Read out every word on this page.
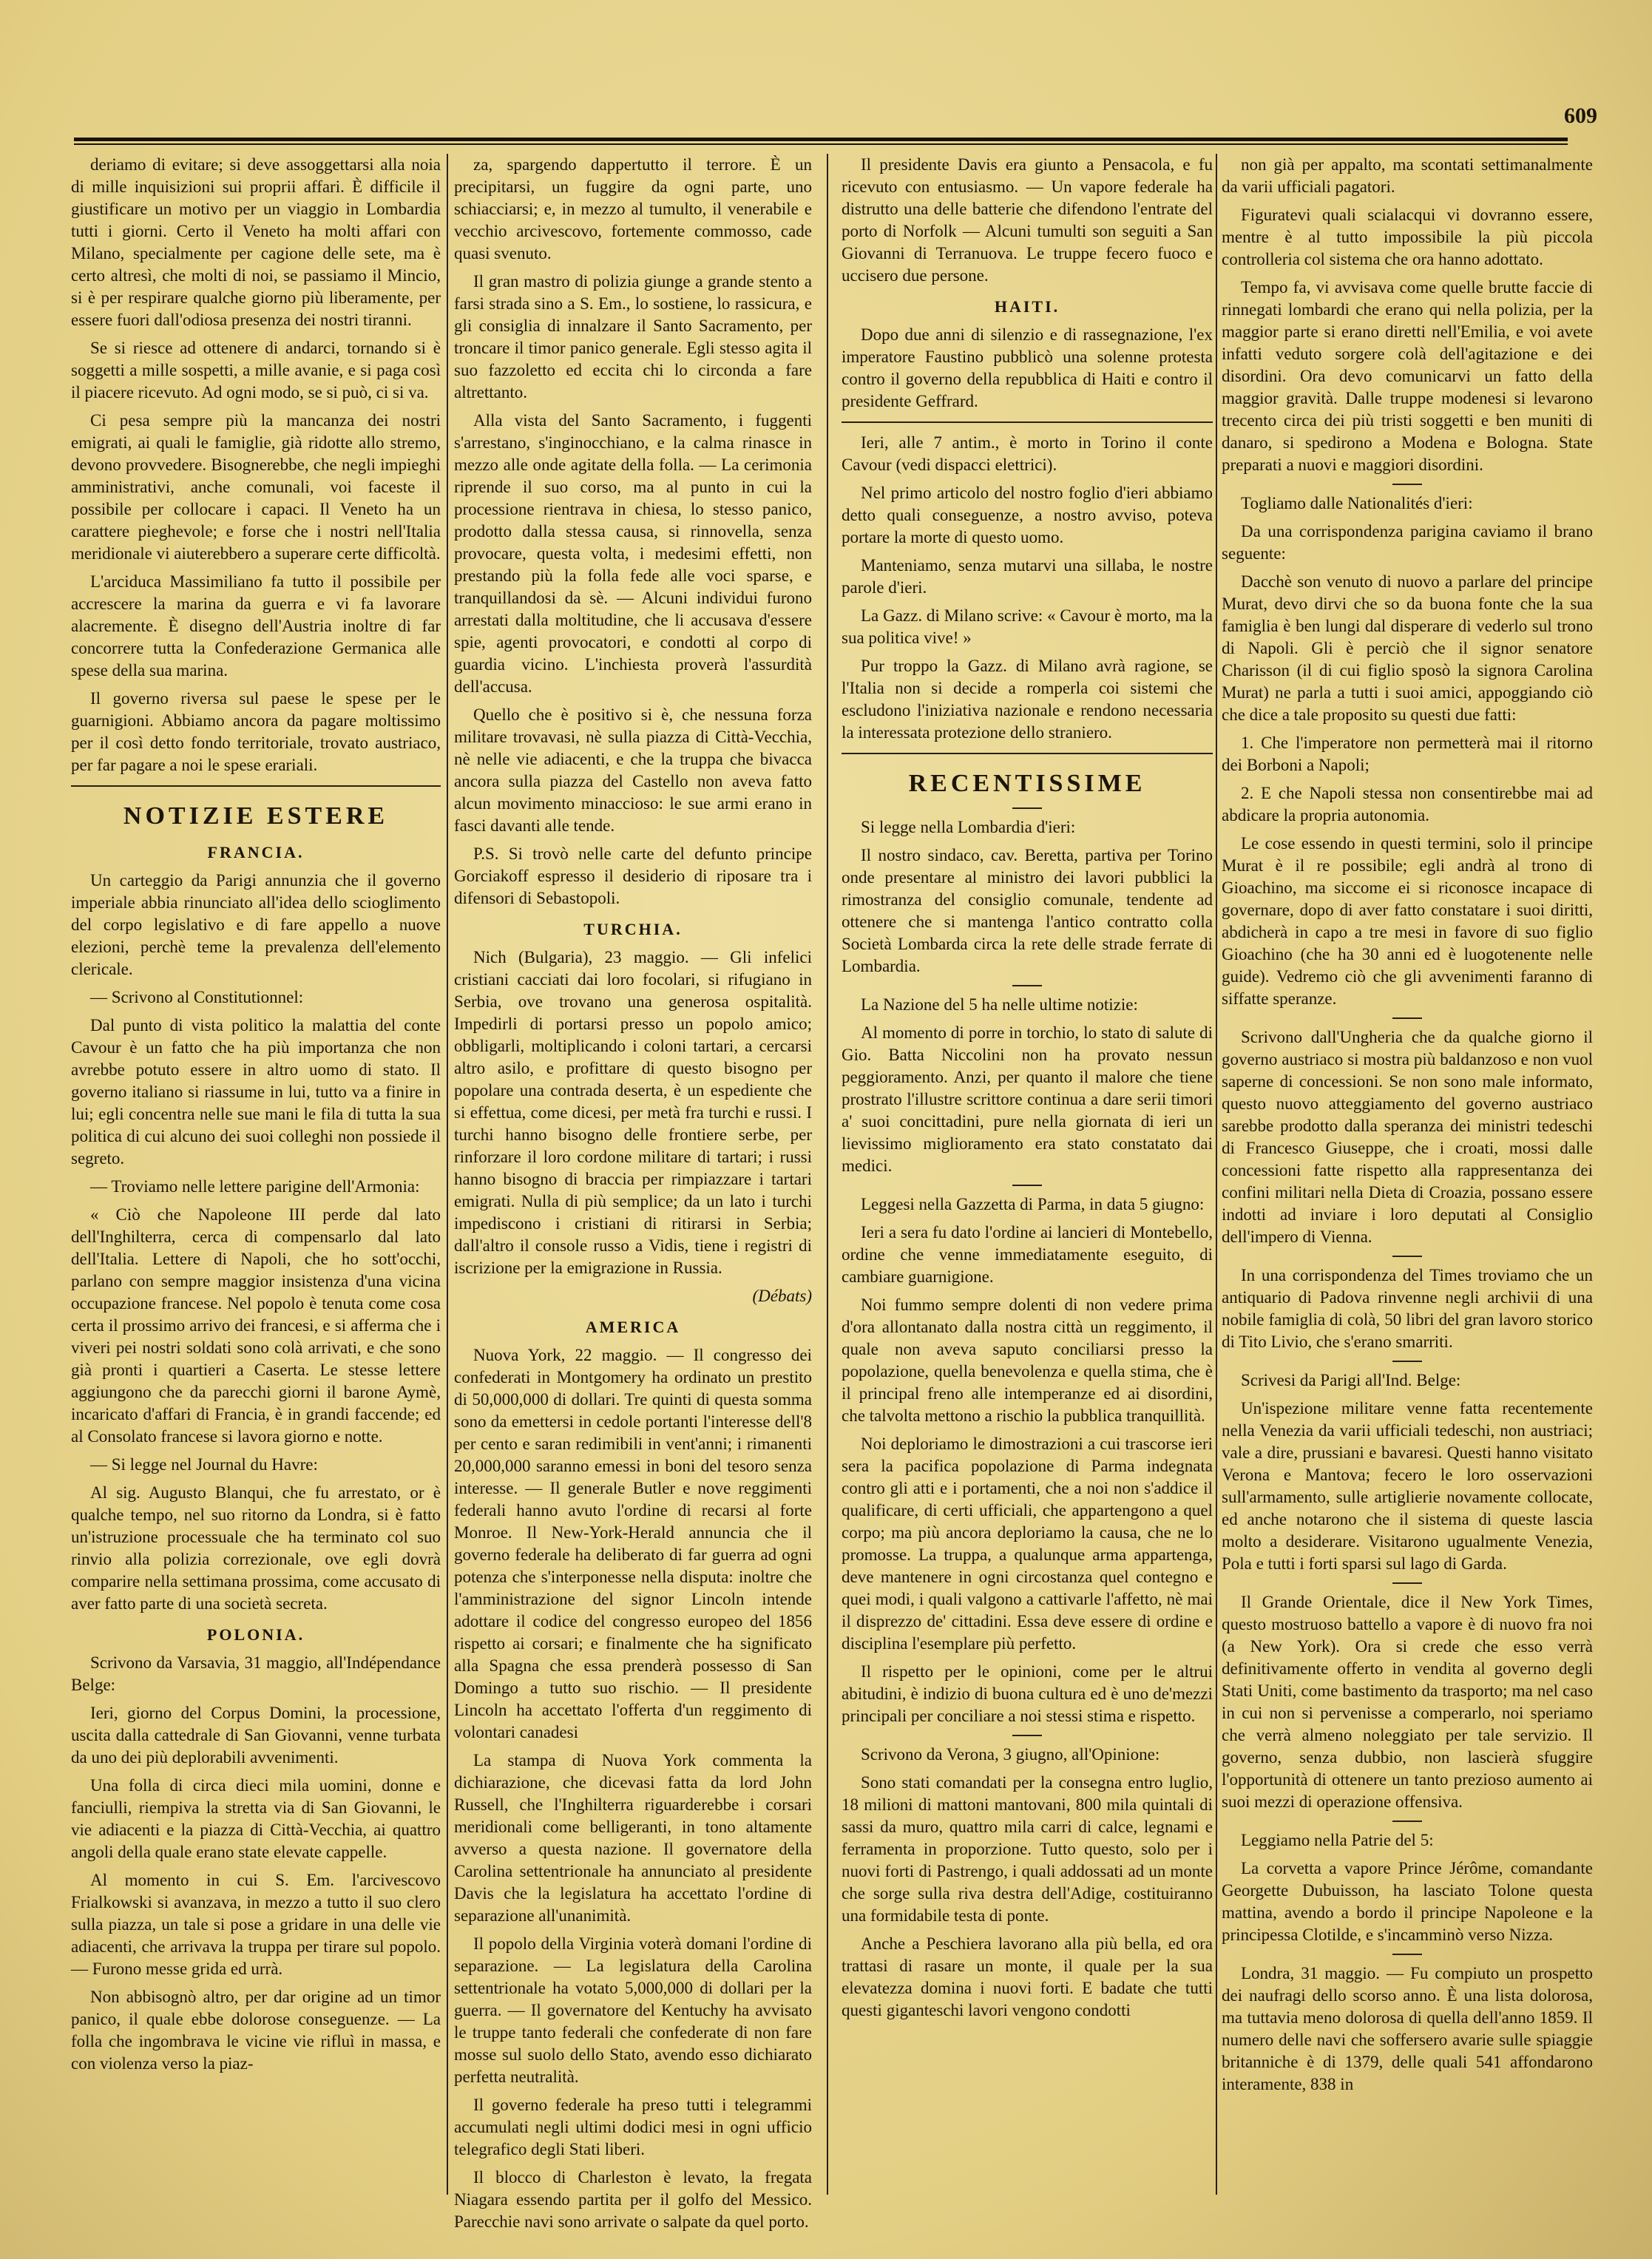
609

deriamo di evitare; si deve assoggettarsi alla noia di mille inquisizioni sui proprii affari. È difficile il giustificare un motivo per un viaggio in Lombardia tutti i giorni. Certo il Veneto ha molti affari con Milano, specialmente per cagione delle sete, ma è certo altresì, che molti di noi, se passiamo il Mincio, si è per respirare qualche giorno più liberamente, per essere fuori dall'odiosa presenza dei nostri tiranni.

Se si riesce ad ottenere di andarci, tornando si è soggetti a mille sospetti, a mille avanie, e si paga così il piacere ricevuto. Ad ogni modo, se si può, ci si va.

Ci pesa sempre più la mancanza dei nostri emigrati, ai quali le famiglie, già ridotte allo stremo, devono provvedere. Bisognerebbe, che negli impieghi amministrativi, anche comunali, voi faceste il possibile per collocare i capaci. Il Veneto ha un carattere pieghevole; e forse che i nostri nell'Italia meridionale vi aiuterebbero a superare certe difficoltà.

L'arciduca Massimiliano fa tutto il possibile per accrescere la marina da guerra e vi fa lavorare alacremente. È disegno dell'Austria inoltre di far concorrere tutta la Confederazione Germanica alle spese della sua marina.

Il governo riversa sul paese le spese per le guarnigioni. Abbiamo ancora da pagare moltissimo per il così detto fondo territoriale, trovato austriaco, per far pagare a noi le spese erariali.

NOTIZIE ESTERE
FRANCIA.

Un carteggio da Parigi annunzia che il governo imperiale abbia rinunciato all'idea dello scioglimento del corpo legislativo e di fare appello a nuove elezioni, perchè teme la prevalenza dell'elemento clericale.

— Scrivono al Constitutionnel:

Dal punto di vista politico la malattia del conte Cavour è un fatto che ha più importanza che non avrebbe potuto essere in altro uomo di stato. Il governo italiano si riassume in lui, tutto va a finire in lui; egli concentra nelle sue mani le fila di tutta la sua politica di cui alcuno dei suoi colleghi non possiede il segreto.

— Troviamo nelle lettere parigine dell'Armonia:

« Ciò che Napoleone III perde dal lato dell'Inghilterra, cerca di compensarlo dal lato dell'Italia. Lettere di Napoli, che ho sott'occhi, parlano con sempre maggior insistenza d'una vicina occupazione francese. Nel popolo è tenuta come cosa certa il prossimo arrivo dei francesi, e si afferma che i viveri pei nostri soldati sono colà arrivati, e che sono già pronti i quartieri a Caserta. Le stesse lettere aggiungono che da parecchi giorni il barone Aymè, incaricato d'affari di Francia, è in grandi faccende; ed al Consolato francese si lavora giorno e notte.

— Si legge nel Journal du Havre:

Al sig. Augusto Blanqui, che fu arrestato, or è qualche tempo, nel suo ritorno da Londra, si è fatto un'istruzione processuale che ha terminato col suo rinvio alla polizia correzionale, ove egli dovrà comparire nella settimana prossima, come accusato di aver fatto parte di una società secreta.

POLONIA.

Scrivono da Varsavia, 31 maggio, all'Indépendance Belge:

Ieri, giorno del Corpus Domini, la processione, uscita dalla cattedrale di San Giovanni, venne turbata da uno dei più deplorabili avvenimenti.

Una folla di circa dieci mila uomini, donne e fanciulli, riempiva la stretta via di San Giovanni, le vie adiacenti e la piazza di Città-Vecchia, ai quattro angoli della quale erano state elevate cappelle.

Al momento in cui S. Em. l'arcivescovo Frialkowski si avanzava, in mezzo a tutto il suo clero sulla piazza, un tale si pose a gridare in una delle vie adiacenti, che arrivava la truppa per tirare sul popolo. — Furono messe grida ed urrà.

Non abbisognò altro, per dar origine ad un timor panico, il quale ebbe dolorose conseguenze. — La folla che ingombrava le vicine vie rifluì in massa, e con violenza verso la piaz-

za, spargendo dappertutto il terrore. È un precipitarsi, un fuggire da ogni parte, uno schiacciarsi; e, in mezzo al tumulto, il venerabile e vecchio arcivescovo, fortemente commosso, cade quasi svenuto.

Il gran mastro di polizia giunge a grande stento a farsi strada sino a S. Em., lo sostiene, lo rassicura, e gli consiglia di innalzare il Santo Sacramento, per troncare il timor panico generale. Egli stesso agita il suo fazzoletto ed eccita chi lo circonda a fare altrettanto.

Alla vista del Santo Sacramento, i fuggenti s'arrestano, s'inginocchiano, e la calma rinasce in mezzo alle onde agitate della folla. — La cerimonia riprende il suo corso, ma al punto in cui la processione rientrava in chiesa, lo stesso panico, prodotto dalla stessa causa, si rinnovella, senza provocare, questa volta, i medesimi effetti, non prestando più la folla fede alle voci sparse, e tranquillandosi da sè. — Alcuni individui furono arrestati dalla moltitudine, che li accusava d'essere spie, agenti provocatori, e condotti al corpo di guardia vicino. L'inchiesta proverà l'assurdità dell'accusa.

Quello che è positivo si è, che nessuna forza militare trovavasi, nè sulla piazza di Città-Vecchia, nè nelle vie adiacenti, e che la truppa che bivacca ancora sulla piazza del Castello non aveva fatto alcun movimento minaccioso: le sue armi erano in fasci davanti alle tende.

P.S. Si trovò nelle carte del defunto principe Gorciakoff espresso il desiderio di riposare tra i difensori di Sebastopoli.

TURCHIA.

Nich (Bulgaria), 23 maggio. — Gli infelici cristiani cacciati dai loro focolari, si rifugiano in Serbia, ove trovano una generosa ospitalità. Impedirli di portarsi presso un popolo amico; obbligarli, moltiplicando i coloni tartari, a cercarsi altro asilo, e profittare di questo bisogno per popolare una contrada deserta, è un espediente che si effettua, come dicesi, per metà fra turchi e russi. I turchi hanno bisogno delle frontiere serbe, per rinforzare il loro cordone militare di tartari; i russi hanno bisogno di braccia per rimpiazzare i tartari emigrati. Nulla di più semplice; da un lato i turchi impediscono i cristiani di ritirarsi in Serbia; dall'altro il console russo a Vidis, tiene i registri di iscrizione per la emigrazione in Russia.

(Débats)

AMERICA

Nuova York, 22 maggio. — Il congresso dei confederati in Montgomery ha ordinato un prestito di 50,000,000 di dollari. Tre quinti di questa somma sono da emettersi in cedole portanti l'interesse dell'8 per cento e saran redimibili in vent'anni; i rimanenti 20,000,000 saranno emessi in boni del tesoro senza interesse. — Il generale Butler e nove reggimenti federali hanno avuto l'ordine di recarsi al forte Monroe. Il New-York-Herald annuncia che il governo federale ha deliberato di far guerra ad ogni potenza che s'interponesse nella disputa: inoltre che l'amministrazione del signor Lincoln intende adottare il codice del congresso europeo del 1856 rispetto ai corsari; e finalmente che ha significato alla Spagna che essa prenderà possesso di San Domingo a tutto suo rischio. — Il presidente Lincoln ha accettato l'offerta d'un reggimento di volontari canadesi

La stampa di Nuova York commenta la dichiarazione, che dicevasi fatta da lord John Russell, che l'Inghilterra riguarderebbe i corsari meridionali come belligeranti, in tono altamente avverso a questa nazione. Il governatore della Carolina settentrionale ha annunciato al presidente Davis che la legislatura ha accettato l'ordine di separazione all'unanimità.

Il popolo della Virginia voterà domani l'ordine di separazione. — La legislatura della Carolina settentrionale ha votato 5,000,000 di dollari per la guerra. — Il governatore del Kentuchy ha avvisato le truppe tanto federali che confederate di non fare mosse sul suolo dello Stato, avendo esso dichiarato perfetta neutralità.

Il governo federale ha preso tutti i telegrammi accumulati negli ultimi dodici mesi in ogni ufficio telegrafico degli Stati liberi.

Il blocco di Charleston è levato, la fregata Niagara essendo partita per il golfo del Messico. Parecchie navi sono arrivate o salpate da quel porto.

Il presidente Davis era giunto a Pensacola, e fu ricevuto con entusiasmo. — Un vapore federale ha distrutto una delle batterie che difendono l'entrate del porto di Norfolk — Alcuni tumulti son seguiti a San Giovanni di Terranuova. Le truppe fecero fuoco e uccisero due persone.

HAITI.

Dopo due anni di silenzio e di rassegnazione, l'ex imperatore Faustino pubblicò una solenne protesta contro il governo della repubblica di Haiti e contro il presidente Geffrard.

Ieri, alle 7 antim., è morto in Torino il conte Cavour (vedi dispacci elettrici).

Nel primo articolo del nostro foglio d'ieri abbiamo detto quali conseguenze, a nostro avviso, poteva portare la morte di questo uomo.

Manteniamo, senza mutarvi una sillaba, le nostre parole d'ieri.

La Gazz. di Milano scrive: « Cavour è morto, ma la sua politica vive! »

Pur troppo la Gazz. di Milano avrà ragione, se l'Italia non si decide a romperla coi sistemi che escludono l'iniziativa nazionale e rendono necessaria la interessata protezione dello straniero.

RECENTISSIME

Si legge nella Lombardia d'ieri:

Il nostro sindaco, cav. Beretta, partiva per Torino onde presentare al ministro dei lavori pubblici la rimostranza del consiglio comunale, tendente ad ottenere che si mantenga l'antico contratto colla Società Lombarda circa la rete delle strade ferrate di Lombardia.

La Nazione del 5 ha nelle ultime notizie:

Al momento di porre in torchio, lo stato di salute di Gio. Batta Niccolini non ha provato nessun peggioramento. Anzi, per quanto il malore che tiene prostrato l'illustre scrittore continua a dare serii timori a' suoi concittadini, pure nella giornata di ieri un lievissimo miglioramento era stato constatato dai medici.

Leggesi nella Gazzetta di Parma, in data 5 giugno:

Ieri a sera fu dato l'ordine ai lancieri di Montebello, ordine che venne immediatamente eseguito, di cambiare guarnigione.

Noi fummo sempre dolenti di non vedere prima d'ora allontanato dalla nostra città un reggimento, il quale non aveva saputo conciliarsi presso la popolazione, quella benevolenza e quella stima, che è il principal freno alle intemperanze ed ai disordini, che talvolta mettono a rischio la pubblica tranquillità.

Noi deploriamo le dimostrazioni a cui trascorse ieri sera la pacifica popolazione di Parma indegnata contro gli atti e i portamenti, che a noi non s'addice il qualificare, di certi ufficiali, che appartengono a quel corpo; ma più ancora deploriamo la causa, che ne lo promosse. La truppa, a qualunque arma appartenga, deve mantenere in ogni circostanza quel contegno e quei modi, i quali valgono a cattivarle l'affetto, nè mai il disprezzo de' cittadini. Essa deve essere di ordine e disciplina l'esemplare più perfetto.

Il rispetto per le opinioni, come per le altrui abitudini, è indizio di buona cultura ed è uno de'mezzi principali per conciliare a noi stessi stima e rispetto.

Scrivono da Verona, 3 giugno, all'Opinione:

Sono stati comandati per la consegna entro luglio, 18 milioni di mattoni mantovani, 800 mila quintali di sassi da muro, quattro mila carri di calce, legnami e ferramenta in proporzione. Tutto questo, solo per i nuovi forti di Pastrengo, i quali addossati ad un monte che sorge sulla riva destra dell'Adige, costituiranno una formidabile testa di ponte.

Anche a Peschiera lavorano alla più bella, ed ora trattasi di rasare un monte, il quale per la sua elevatezza domina i nuovi forti. E badate che tutti questi giganteschi lavori vengono condotti

non già per appalto, ma scontati settimanalmente da varii ufficiali pagatori.

Figuratevi quali scialacqui vi dovranno essere, mentre è al tutto impossibile la più piccola controlleria col sistema che ora hanno adottato.

Tempo fa, vi avvisava come quelle brutte faccie di rinnegati lombardi che erano qui nella polizia, per la maggior parte si erano diretti nell'Emilia, e voi avete infatti veduto sorgere colà dell'agitazione e dei disordini. Ora devo comunicarvi un fatto della maggior gravità. Dalle truppe modenesi si levarono trecento circa dei più tristi soggetti e ben muniti di danaro, si spedirono a Modena e Bologna. State preparati a nuovi e maggiori disordini.

Togliamo dalle Nationalités d'ieri:

Da una corrispondenza parigina caviamo il brano seguente:

Dacchè son venuto di nuovo a parlare del principe Murat, devo dirvi che so da buona fonte che la sua famiglia è ben lungi dal disperare di vederlo sul trono di Napoli. Gli è perciò che il signor senatore Charisson (il di cui figlio sposò la signora Carolina Murat) ne parla a tutti i suoi amici, appoggiando ciò che dice a tale proposito su questi due fatti:

1. Che l'imperatore non permetterà mai il ritorno dei Borboni a Napoli;

2. E che Napoli stessa non consentirebbe mai ad abdicare la propria autonomia.

Le cose essendo in questi termini, solo il principe Murat è il re possibile; egli andrà al trono di Gioachino, ma siccome ei si riconosce incapace di governare, dopo di aver fatto constatare i suoi diritti, abdicherà in capo a tre mesi in favore di suo figlio Gioachino (che ha 30 anni ed è luogotenente nelle guide). Vedremo ciò che gli avvenimenti faranno di siffatte speranze.

Scrivono dall'Ungheria che da qualche giorno il governo austriaco si mostra più baldanzoso e non vuol saperne di concessioni. Se non sono male informato, questo nuovo atteggiamento del governo austriaco sarebbe prodotto dalla speranza dei ministri tedeschi di Francesco Giuseppe, che i croati, mossi dalle concessioni fatte rispetto alla rappresentanza dei confini militari nella Dieta di Croazia, possano essere indotti ad inviare i loro deputati al Consiglio dell'impero di Vienna.

In una corrispondenza del Times troviamo che un antiquario di Padova rinvenne negli archivii di una nobile famiglia di colà, 50 libri del gran lavoro storico di Tito Livio, che s'erano smarriti.

Scrivesi da Parigi all'Ind. Belge:

Un'ispezione militare venne fatta recentemente nella Venezia da varii ufficiali tedeschi, non austriaci; vale a dire, prussiani e bavaresi. Questi hanno visitato Verona e Mantova; fecero le loro osservazioni sull'armamento, sulle artiglierie novamente collocate, ed anche notarono che il sistema di queste lascia molto a desiderare. Visitarono ugualmente Venezia, Pola e tutti i forti sparsi sul lago di Garda.

Il Grande Orientale, dice il New York Times, questo mostruoso battello a vapore è di nuovo fra noi (a New York). Ora si crede che esso verrà definitivamente offerto in vendita al governo degli Stati Uniti, come bastimento da trasporto; ma nel caso in cui non si pervenisse a comperarlo, noi speriamo che verrà almeno noleggiato per tale servizio. Il governo, senza dubbio, non lascierà sfuggire l'opportunità di ottenere un tanto prezioso aumento ai suoi mezzi di operazione offensiva.

Leggiamo nella Patrie del 5:

La corvetta a vapore Prince Jérôme, comandante Georgette Dubuisson, ha lasciato Tolone questa mattina, avendo a bordo il principe Napoleone e la principessa Clotilde, e s'incamminò verso Nizza.

Londra, 31 maggio. — Fu compiuto un prospetto dei naufragi dello scorso anno. È una lista dolorosa, ma tuttavia meno dolorosa di quella dell'anno 1859. Il numero delle navi che soffersero avarie sulle spiaggie britanniche è di 1379, delle quali 541 affondarono interamente, 838 in
